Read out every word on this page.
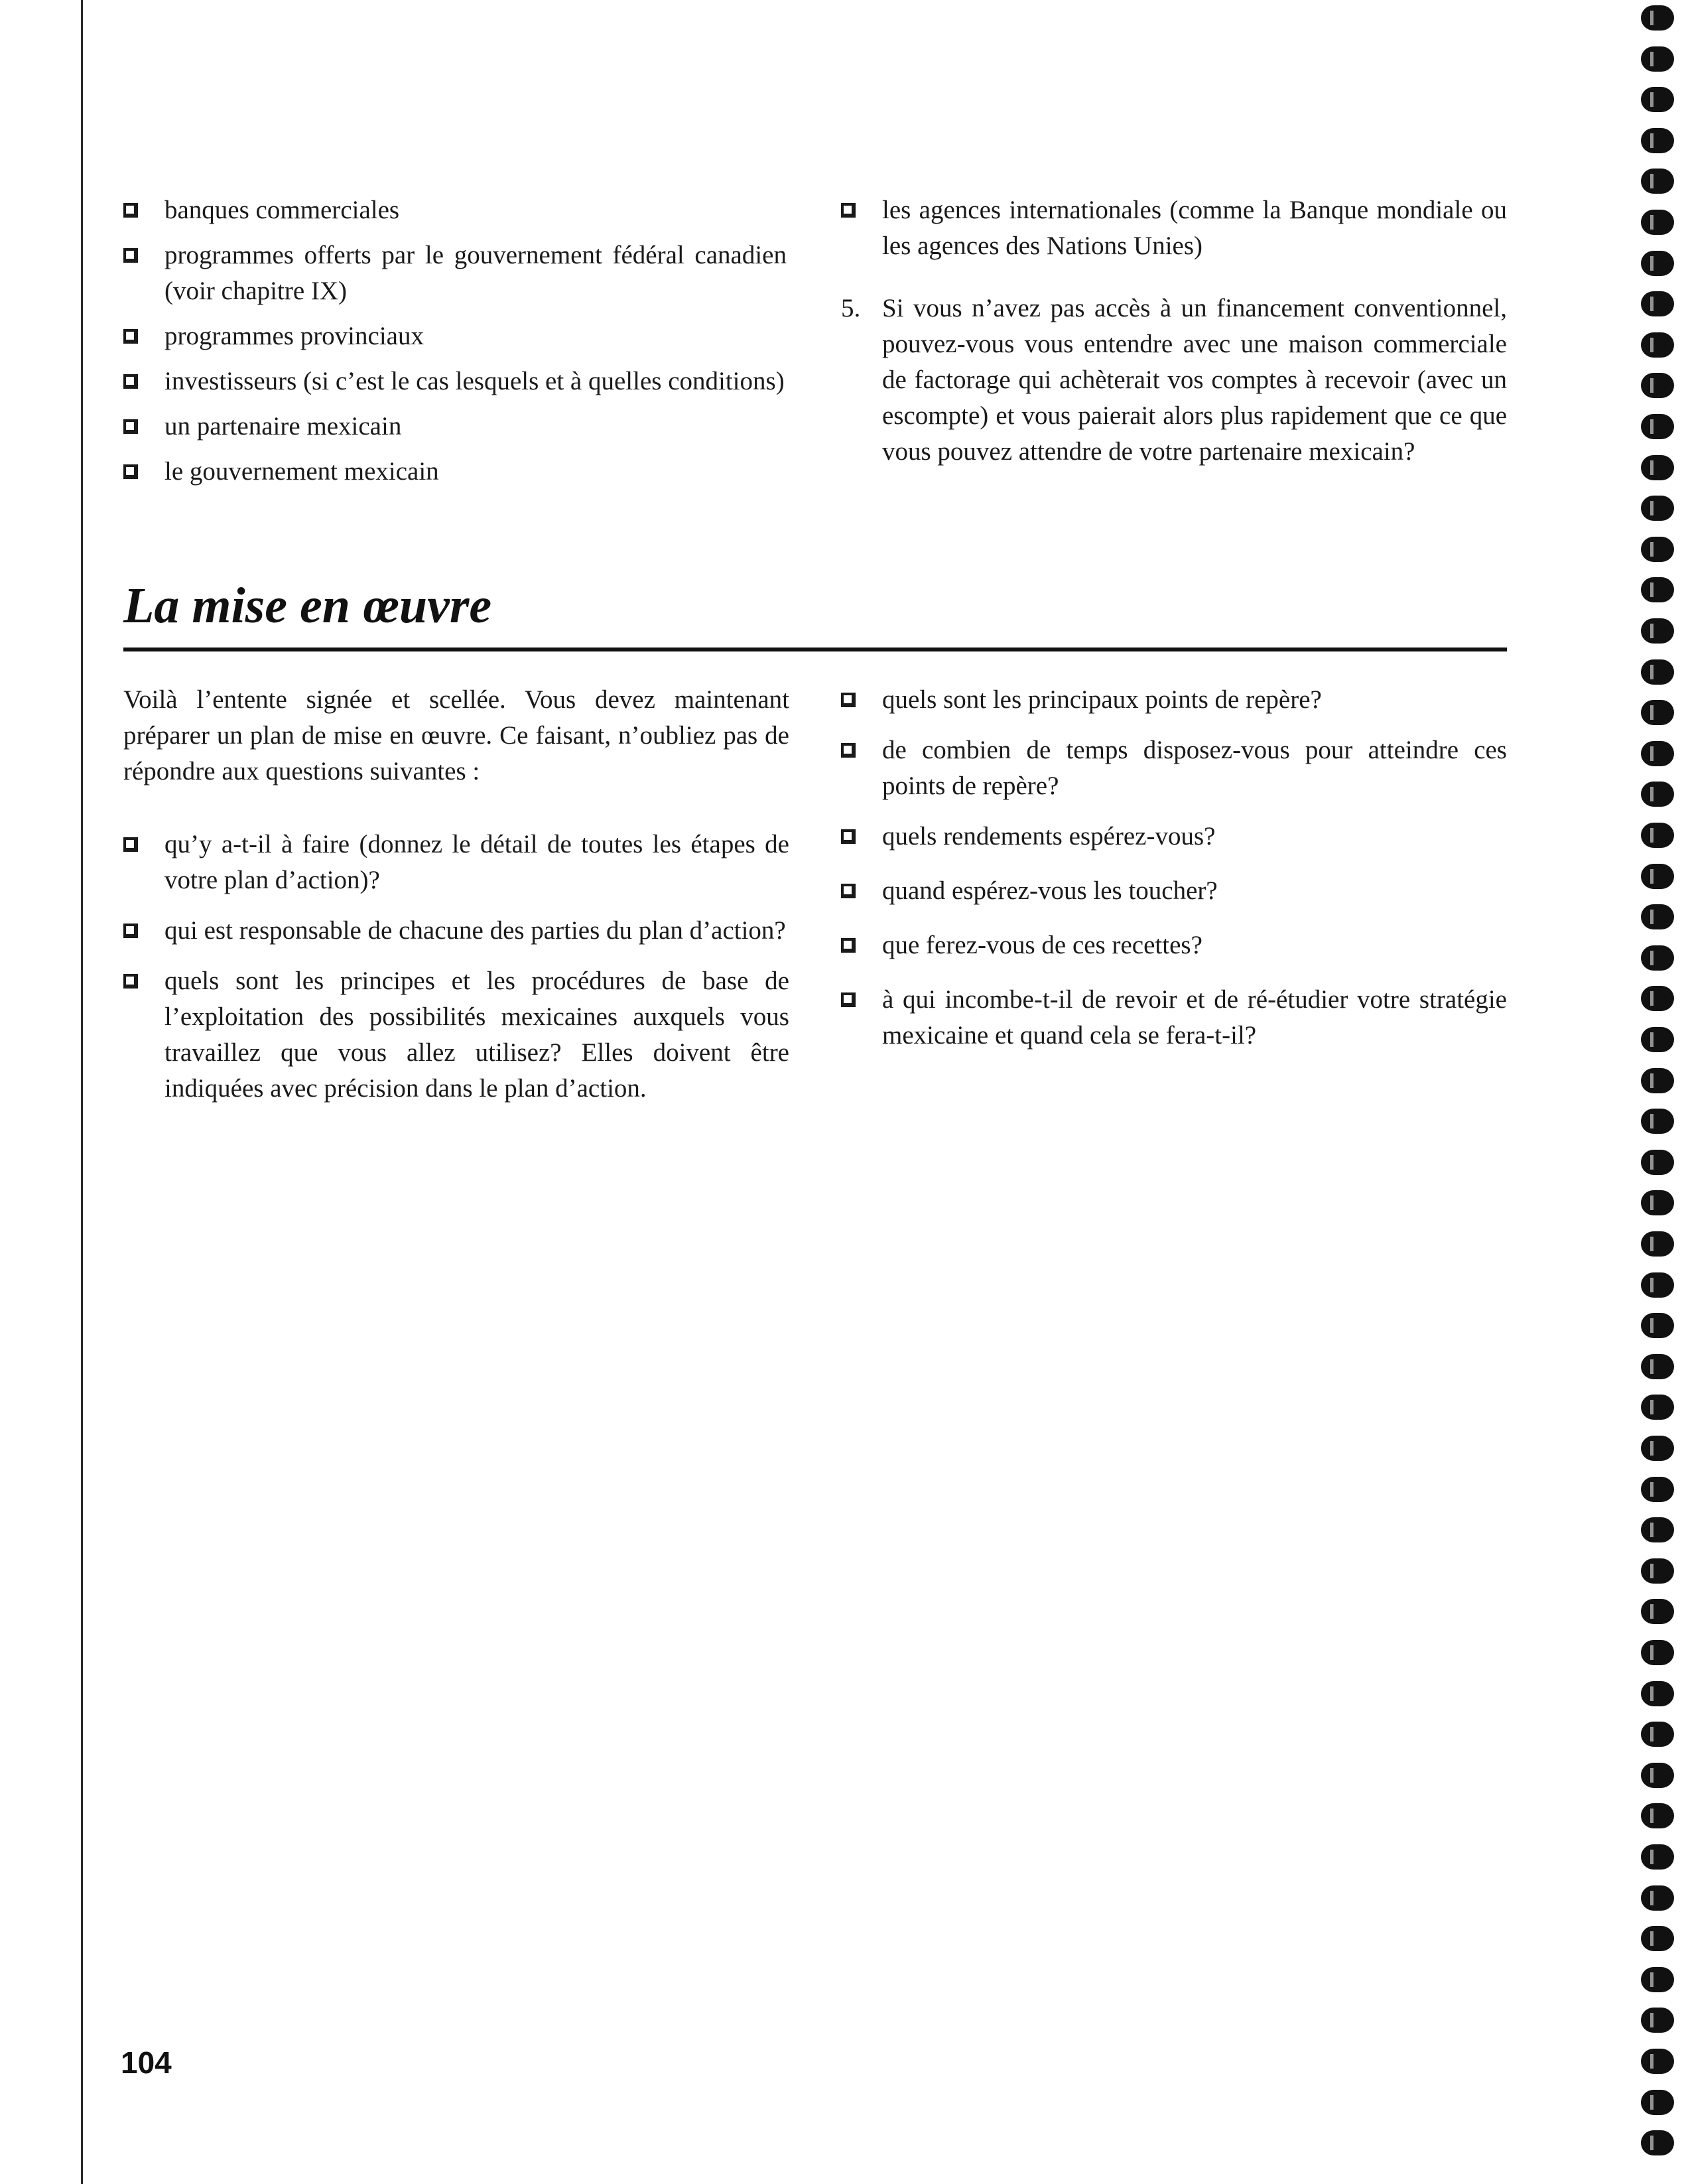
banques commerciales
programmes offerts par le gouvernement fédéral canadien (voir chapitre IX)
programmes provinciaux
investisseurs (si c’est le cas lesquels et à quelles conditions)
un partenaire mexicain
le gouvernement mexicain
les agences internationales (comme la Banque mondiale ou les agences des Nations Unies)
5. Si vous n’avez pas accès à un financement conventionnel, pouvez-vous vous entendre avec une maison commerciale de factorage qui achèterait vos comptes à recevoir (avec un escompte) et vous paierait alors plus rapidement que ce que vous pouvez attendre de votre partenaire mexicain?
La mise en œuvre
Voilà l’entente signée et scellée. Vous devez maintenant préparer un plan de mise en œuvre. Ce faisant, n’oubliez pas de répondre aux questions suivantes :
qu’y a-t-il à faire (donnez le détail de toutes les étapes de votre plan d’action)?
qui est responsable de chacune des parties du plan d’action?
quels sont les principes et les procédures de base de l’exploitation des possibilités mexicaines auxquels vous travaillez que vous allez utilisez? Elles doivent être indiquées avec précision dans le plan d’action.
quels sont les principaux points de repère?
de combien de temps disposez-vous pour atteindre ces points de repère?
quels rendements espérez-vous?
quand espérez-vous les toucher?
que ferez-vous de ces recettes?
à qui incombe-t-il de revoir et de ré-étudier votre stratégie mexicaine et quand cela se fera-t-il?
104
